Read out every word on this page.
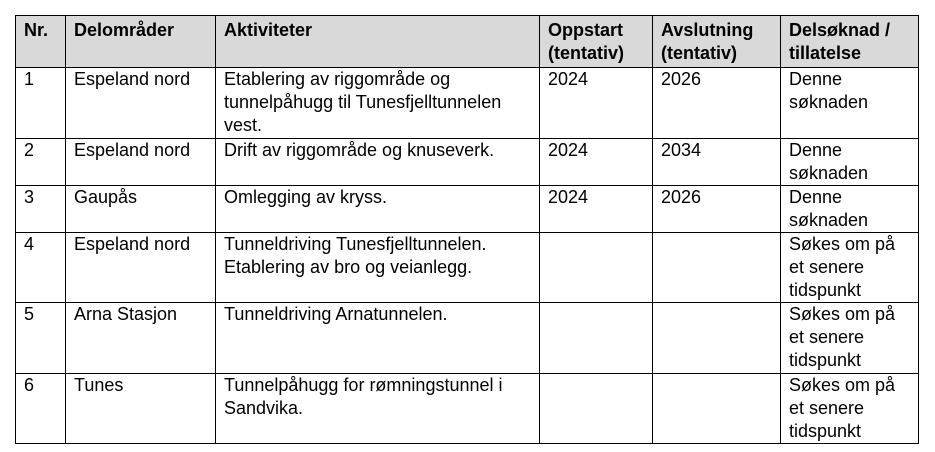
Nr.	Delområder	Aktiviteter	Oppstart (tentativ)	Avslutning (tentativ)	Delsøknad / tillatelse
1	Espeland nord	Etablering av riggområde og tunnelpåhugg til Tunesfjelltunnelen vest.	2024	2026	Denne søknaden
2	Espeland nord	Drift av riggområde og knuseverk.	2024	2034	Denne søknaden
3	Gaupås	Omlegging av kryss.	2024	2026	Denne søknaden
4	Espeland nord	Tunneldriving Tunesfjelltunnelen. Etablering av bro og veianlegg.			Søkes om på et senere tidspunkt
5	Arna Stasjon	Tunneldriving Arnatunnelen.			Søkes om på et senere tidspunkt
6	Tunes	Tunnelpåhugg for rømningstunnel i Sandvika.			Søkes om på et senere tidspunkt
